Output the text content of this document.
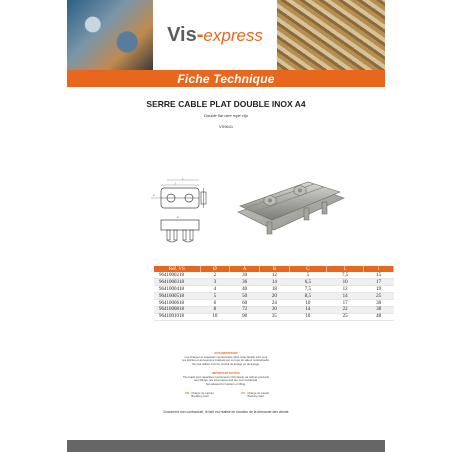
Vis-express
Fiche Technique
SERRE CABLE PLAT DOUBLE INOX A4
Double flat wire rope clip
VS9641
L
l
e
a
Réf. VS	Ø	A	B	C	L	l
9641000218	2	30	12	5	7,5	15
9641000318	3	36	14	6,5	10	17
9641000418	4	40	18	7,5	12	19
9641000518	5	50	20	8,5	14	25
9641000618	6	60	24	10	17	30
9641000818	8	72	30	14	22	38
9641001018	10	90	35	16	25	48
AVIS IMPORTANT
Les charges et capacités mentionnées dans cette famille sont pour
les articles et accessoires indiqués qui ont pas de valeur contractuelle.
Ne pas utiliser comme produit de levage ou de levage.
IMPORTANT NOTICE
The loads and capacities mentioned in this family, as well as products
and fittings, are informative and are not contractual.
Not allowed for traction or lifting.
CR Charge de rupture
Breaking load
CU Charge de travail
Working load
Document non contractuel, le tarif est réalisé en fonction de la demande des clients
